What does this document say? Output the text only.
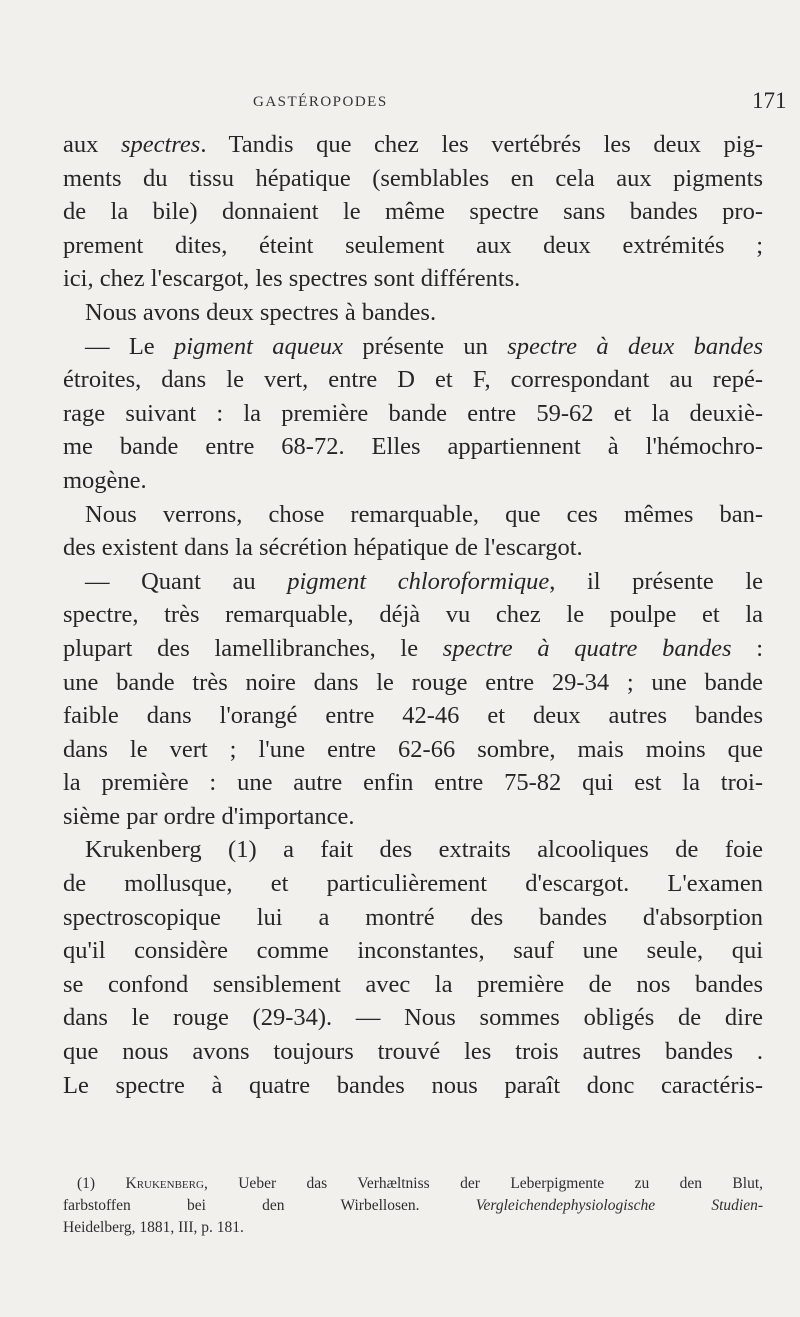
GASTÉROPODES	171
aux spectres. Tandis que chez les vertébrés les deux pig-
ments du tissu hépatique (semblables en cela aux pigments
de la bile) donnaient le même spectre sans bandes pro-
prement dites, éteint seulement aux deux extrémités ;
ici, chez l'escargot, les spectres sont différents.
Nous avons deux spectres à bandes.
— Le pigment aqueux présente un spectre à deux bandes
étroites, dans le vert, entre D et F, correspondant au repé-
rage suivant : la première bande entre 59-62 et la deuxiè-
me bande entre 68-72. Elles appartiennent à l'hémochro-
mogène.
Nous verrons, chose remarquable, que ces mêmes ban-
des existent dans la sécrétion hépatique de l'escargot.
— Quant au pigment chloroformique, il présente le
spectre, très remarquable, déjà vu chez le poulpe et la
plupart des lamellibranches, le spectre à quatre bandes :
une bande très noire dans le rouge entre 29-34 ; une bande
faible dans l'orangé entre 42-46 et deux autres bandes
dans le vert ; l'une entre 62-66 sombre, mais moins que
la première : une autre enfin entre 75-82 qui est la troi-
sième par ordre d'importance.
Krukenberg (1) a fait des extraits alcooliques de foie
de mollusque, et particulièrement d'escargot. L'examen
spectroscopique lui a montré des bandes d'absorption
qu'il considère comme inconstantes, sauf une seule, qui
se confond sensiblement avec la première de nos bandes
dans le rouge (29-34). — Nous sommes obligés de dire
que nous avons toujours trouvé les trois autres bandes .
Le spectre à quatre bandes nous paraît donc caractéris-
(1) Krukenberg, Ueber das Verhæltniss der Leberpigmente zu den Blut,
farbstoffen bei den Wirbellosen. Vergleichendephysiologische Studien-
Heidelberg, 1881, III, p. 181.
